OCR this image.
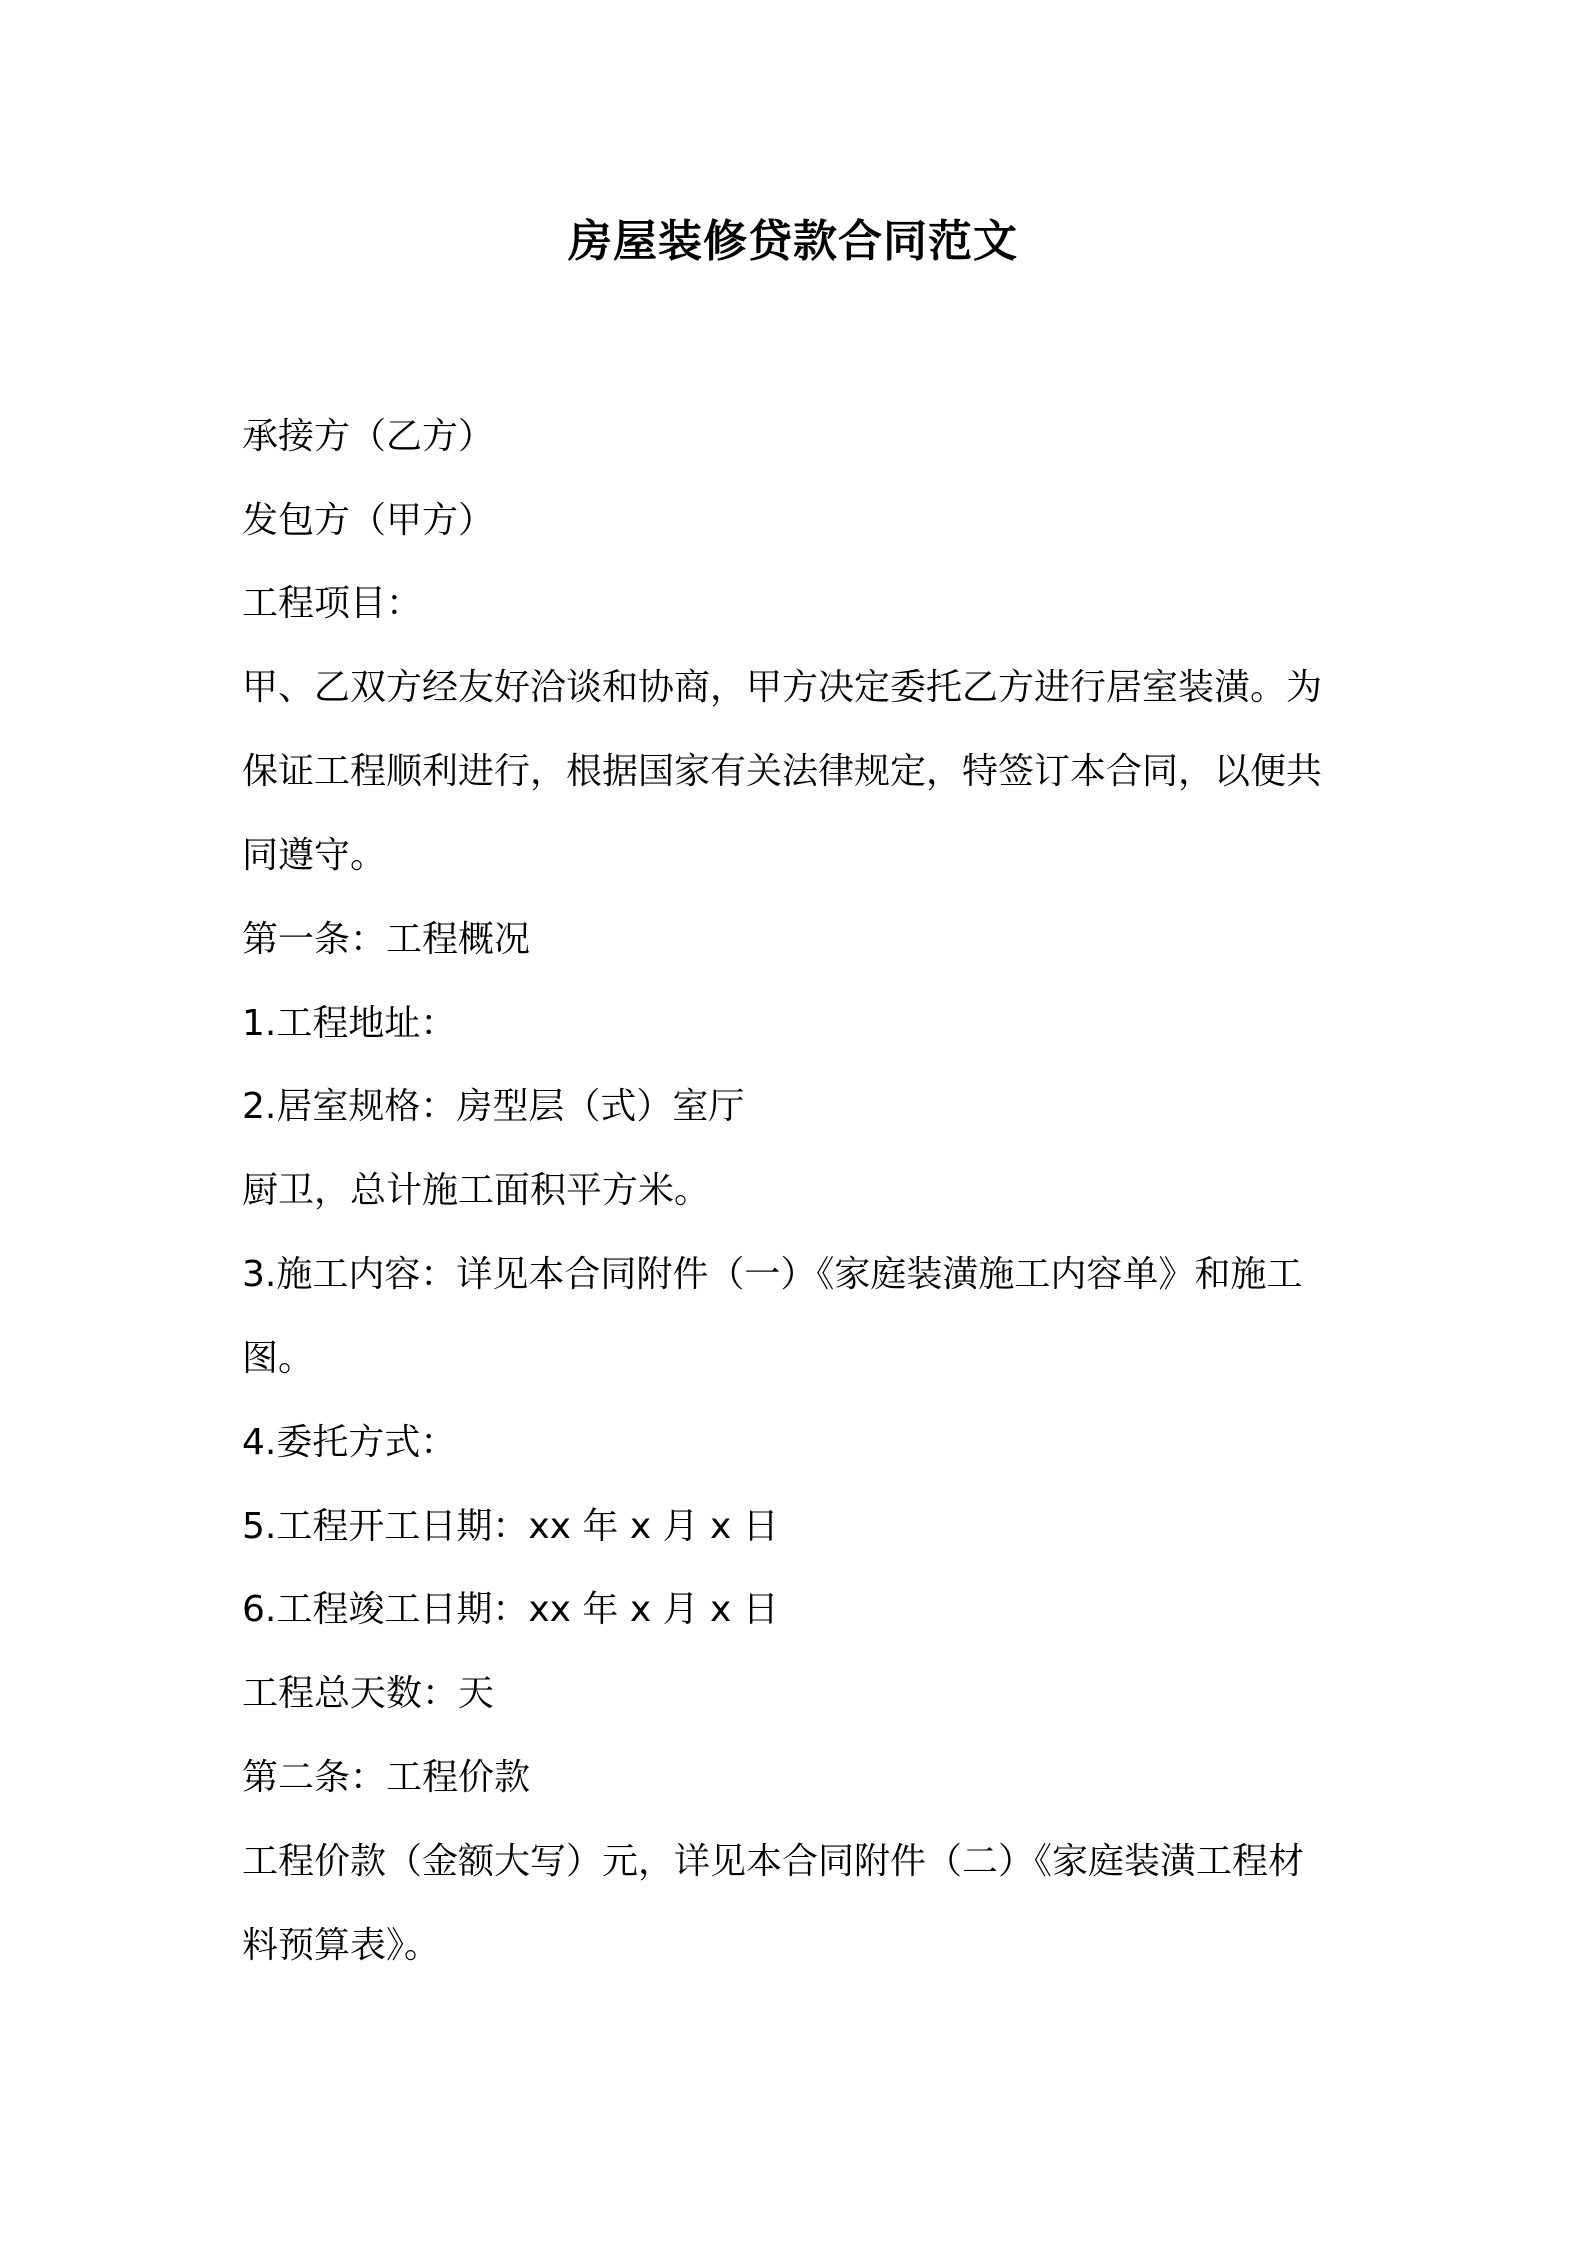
房屋装修贷款合同范文

承接方（乙方）

发包方（甲方）

工程项目：

甲、乙双方经友好洽谈和协商，甲方决定委托乙方进行居室装潢。为

保证工程顺利进行，根据国家有关法律规定，特签订本合同，以便共

同遵守。

第一条：工程概况

1.工程地址：

2.居室规格：房型层（式）室厅

厨卫，总计施工面积平方米。

3.施工内容：详见本合同附件（一）《家庭装潢施工内容单》和施工

图。

4.委托方式：

5.工程开工日期：xx 年 x 月 x 日

6.工程竣工日期：xx 年 x 月 x 日

工程总天数：天

第二条：工程价款

工程价款（金额大写）元，详见本合同附件（二）《家庭装潢工程材

料预算表》。
